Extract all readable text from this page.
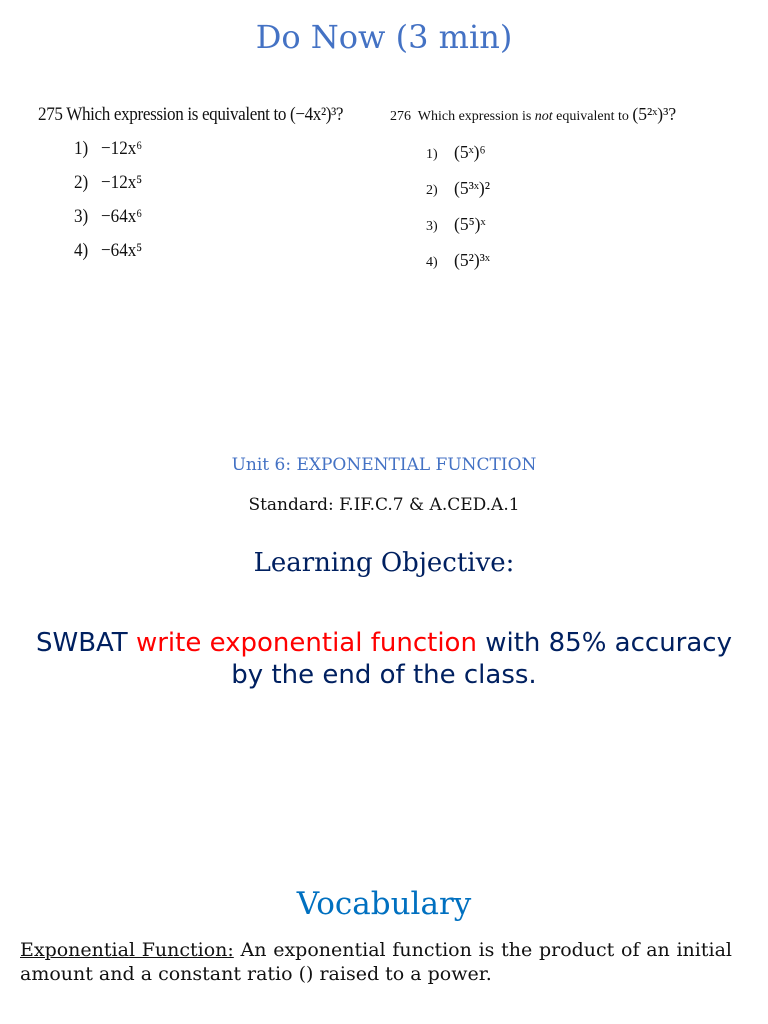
Do Now (3 min)
275 Which expression is equivalent to (−4x²)³?
1) −12x⁶
2) −12x⁵
3) −64x⁶
4) −64x⁵
276 Which expression is not equivalent to (5²ˣ)³?
1) (5ˣ)⁶
2) (5³ˣ)²
3) (5⁵)ˣ
4) (5²)³ˣ
Unit 6: EXPONENTIAL FUNCTION
Standard: F.IF.C.7 & A.CED.A.1
Learning Objective:
SWBAT write exponential function with 85% accuracy by the end of the class.
Vocabulary
Exponential Function: An exponential function is the product of an initial amount and a constant ratio () raised to a power.
